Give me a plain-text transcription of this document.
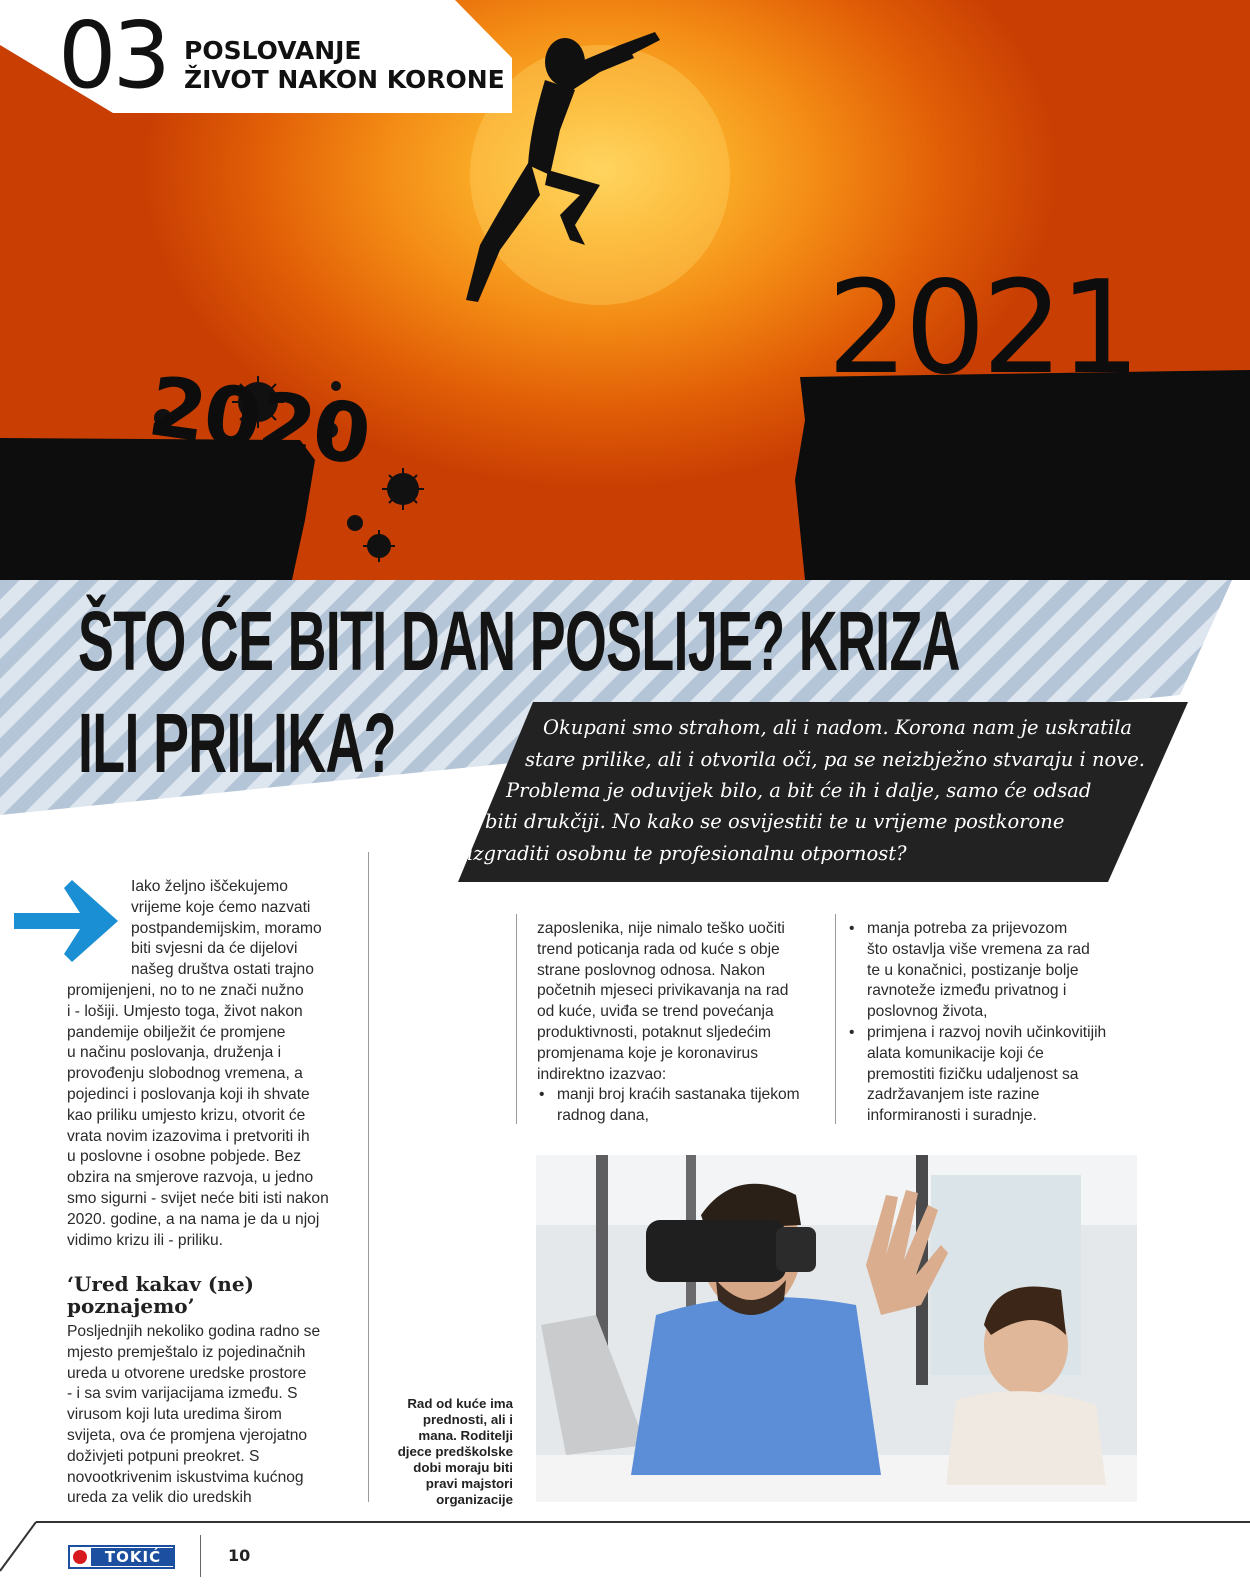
2020
2021
03 POSLOVANJE
ŽIVOT NAKON KORONE
ŠTO ĆE BITI DAN POSLIJE? KRIZA
ILI PRILIKA?	Okupani smo strahom, ali i nadom. Korona nam je uskratila
stare prilike, ali i otvorila oči, pa se neizbježno stvaraju i nove.
Problema je oduvijek bilo, a bit će ih i dalje, samo će odsad
biti drukčiji. No kako se osvijestiti te u vrijeme postkorone
izgraditi osobnu te profesionalnu otpornost?

Iako željno iščekujemo

vrijeme koje ćemo nazvati

postpandemijskim, moramo

biti svjesni da će dijelovi

našeg društva ostati trajno

promijenjeni, no to ne znači nužno

i - lošiji. Umjesto toga, život nakon

pandemije obilježit će promjene

u načinu poslovanja, druženja i

provođenju slobodnog vremena, a

pojedinci i poslovanja koji ih shvate

kao priliku umjesto krizu, otvorit će

vrata novim izazovima i pretvoriti ih

u poslovne i osobne pobjede. Bez

obzira na smjerove razvoja, u jedno

smo sigurni - svijet neće biti isti nakon

2020. godine, a na nama je da u njoj

vidimo krizu ili - priliku.

‘Ured kakav (ne)
poznajemo’

Posljednjih nekoliko godina radno se

mjesto premještalo iz pojedinačnih

ureda u otvorene uredske prostore

- i sa svim varijacijama između. S

virusom koji luta uredima širom

svijeta, ova će promjena vjerojatno

doživjeti potpuni preokret. S

novootkrivenim iskustvima kućnog

ureda za velik dio uredskih

zaposlenika, nije nimalo teško uočiti

trend poticanja rada od kuće s obje

strane poslovnog odnosa. Nakon

početnih mjeseci privikavanja na rad

od kuće, uviđa se trend povećanja

produktivnosti, potaknut sljedećim

promjenama koje je koronavirus

indirektno izazvao:

• manji broj kraćih sastanaka tijekom
radnog dana,
• manja potreba za prijevozom
što ostavlja više vremena za rad
te u konačnici, postizanje bolje
ravnoteže između privatnog i
poslovnog života,
• primjena i razvoj novih učinkovitijih
alata komunikacije koji će
premostiti fizičku udaljenost sa
zadržavanjem iste razine
informiranosti i suradnje.
Rad od kuće ima
prednosti, ali i
mana. Roditelji
djece predškolske
dobi moraju biti
pravi majstori
organizacije
TOKIĆ	10
